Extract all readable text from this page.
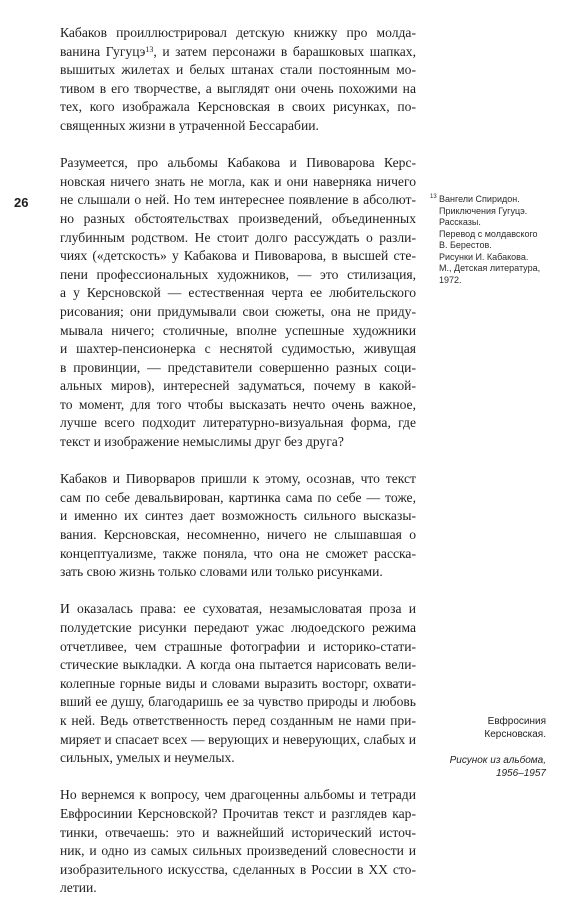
26

Кабаков проиллюстрировал детскую книжку про молда-
ванина Гугуцэ$^{13}$, и затем персонажи в барашковых шапках,
вышитых жилетах и белых штанах стали постоянным мо-
тивом в его творчестве, а выглядят они очень похожими на
тех, кого изображала Керсновская в своих рисунках, по-
священных жизни в утраченной Бессарабии.

Разумеется, про альбомы Кабакова и Пивоварова Керс-
новская ничего знать не могла, как и они наверняка ничего
не слышали о ней. Но тем интереснее появление в абсолют-
но разных обстоятельствах произведений, объединенных
глубинным родством. Не стоит долго рассуждать о разли-
чиях («детскость» у Кабакова и Пивоварова, в высшей сте-
пени профессиональных художников, — это стилизация,
а у Керсновской — естественная черта ее любительского
рисования; они придумывали свои сюжеты, она не приду-
мывала ничего; столичные, вполне успешные художники
и шахтер-пенсионерка с неснятой судимостью, живущая
в провинции, — представители совершенно разных соци-
альных миров), интересней задуматься, почему в какой-
то момент, для того чтобы высказать нечто очень важное,
лучше всего подходит литературно-визуальная форма, где
текст и изображение немыслимы друг без друга?

Кабаков и Пиворваров пришли к этому, осознав, что текст
сам по себе девальвирован, картинка сама по себе — тоже,
и именно их синтез дает возможность сильного высказы-
вания. Керсновская, несомненно, ничего не слышавшая о
концептуализме, также поняла, что она не сможет расска-
зать свою жизнь только словами или только рисунками.

И оказалась права: ее суховатая, незамысловатая проза и
полудетские рисунки передают ужас людоедского режима
отчетливее, чем страшные фотографии и историко-стати-
стические выкладки. А когда она пытается нарисовать вели-
колепные горные виды и словами выразить восторг, охвати-
вший ее душу, благодаришь ее за чувство природы и любовь
к ней. Ведь ответственность перед созданным не нами при-
миряет и спасает всех — верующих и неверующих, слабых и
сильных, умелых и неумелых.

Но вернемся к вопросу, чем драгоценны альбомы и тетради
Евфросинии Керсновской? Прочитав текст и разглядев кар-
тинки, отвечаешь: это и важнейший исторический источ-
ник, и одно из самых сильных произведений словесности и
изобразительного искусства, сделанных в России в XX сто-
летии.

13 Вангели Спиридон.
Приключения Гугуцэ.
Рассказы.
Перевод с молдавского
В. Берестов.
Рисунки И. Кабакова.
М., Детская литература,
1972.
Евфросиния
Керсновская.
Рисунок из альбома,
1956–1957
